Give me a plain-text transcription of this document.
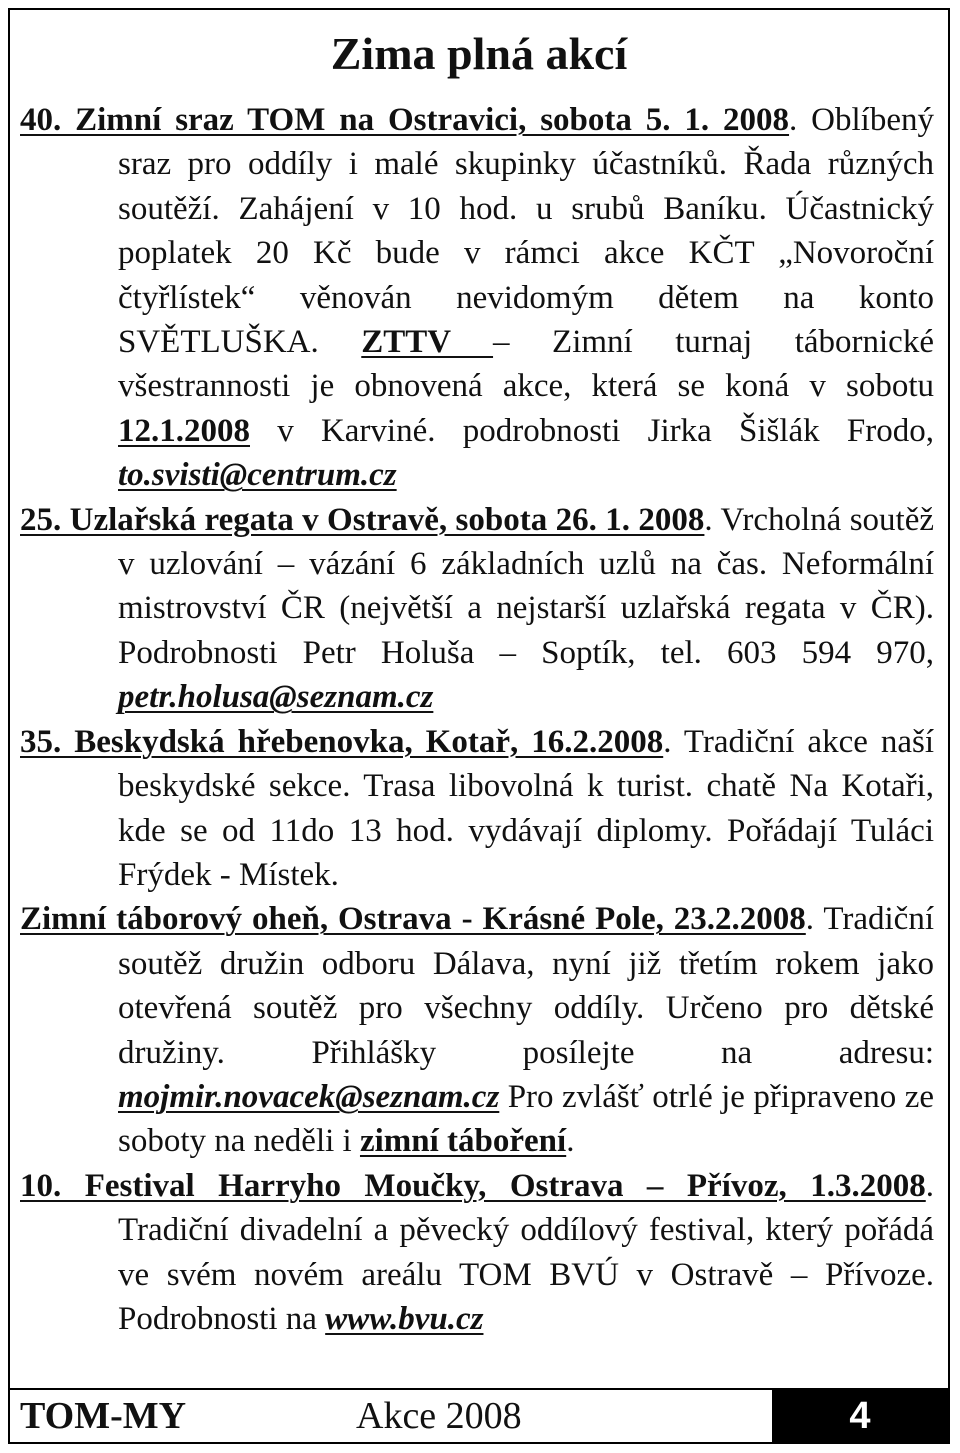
Zima plná akcí

40. Zimní sraz TOM na Ostravici, sobota 5. 1. 2008. Oblíbený sraz pro oddíly i malé skupinky účastníků. Řada různých soutěží. Zahájení v 10 hod. u srubů Baníku. Účastnický poplatek 20 Kč bude v rámci akce KČT „Novoroční čtyřlístek“ věnován nevidomým dětem na konto SVĚTLUŠKA. ZTTV – Zimní turnaj tábornické všestrannosti je obnovená akce, která se koná v sobotu 12.1.2008 v Karviné. podrobnosti Jirka Šišlák Frodo, to.svisti@centrum.cz

25. Uzlařská regata v Ostravě, sobota 26. 1. 2008. Vrcholná soutěž v uzlování – vázání 6 základních uzlů na čas. Neformální mistrovství ČR (největší a nejstarší uzlařská regata v ČR). Podrobnosti Petr Holuša – Soptík, tel. 603 594 970, petr.holusa@seznam.cz

35. Beskydská hřebenovka, Kotař, 16.2.2008. Tradiční akce naší beskydské sekce. Trasa libovolná k turist. chatě Na Kotaři, kde se od 11do 13 hod. vydávají diplomy. Pořádají Tuláci Frýdek - Místek.

Zimní táborový oheň, Ostrava - Krásné Pole, 23.2.2008. Tradiční soutěž družin odboru Dálava, nyní již třetím rokem jako otevřená soutěž pro všechny oddíly. Určeno pro dětské družiny. Přihlášky posílejte na adresu: mojmir.novacek@seznam.cz Pro zvlášť otrlé je připraveno ze soboty na neděli i zimní táboření.

10. Festival Harryho Moučky, Ostrava – Přívoz, 1.3.2008. Tradiční divadelní a pěvecký oddílový festival, který pořádá ve svém novém areálu TOM BVÚ v Ostravě – Přívoze. Podrobnosti na www.bvu.cz

TOM-MY	Akce 2008	4
